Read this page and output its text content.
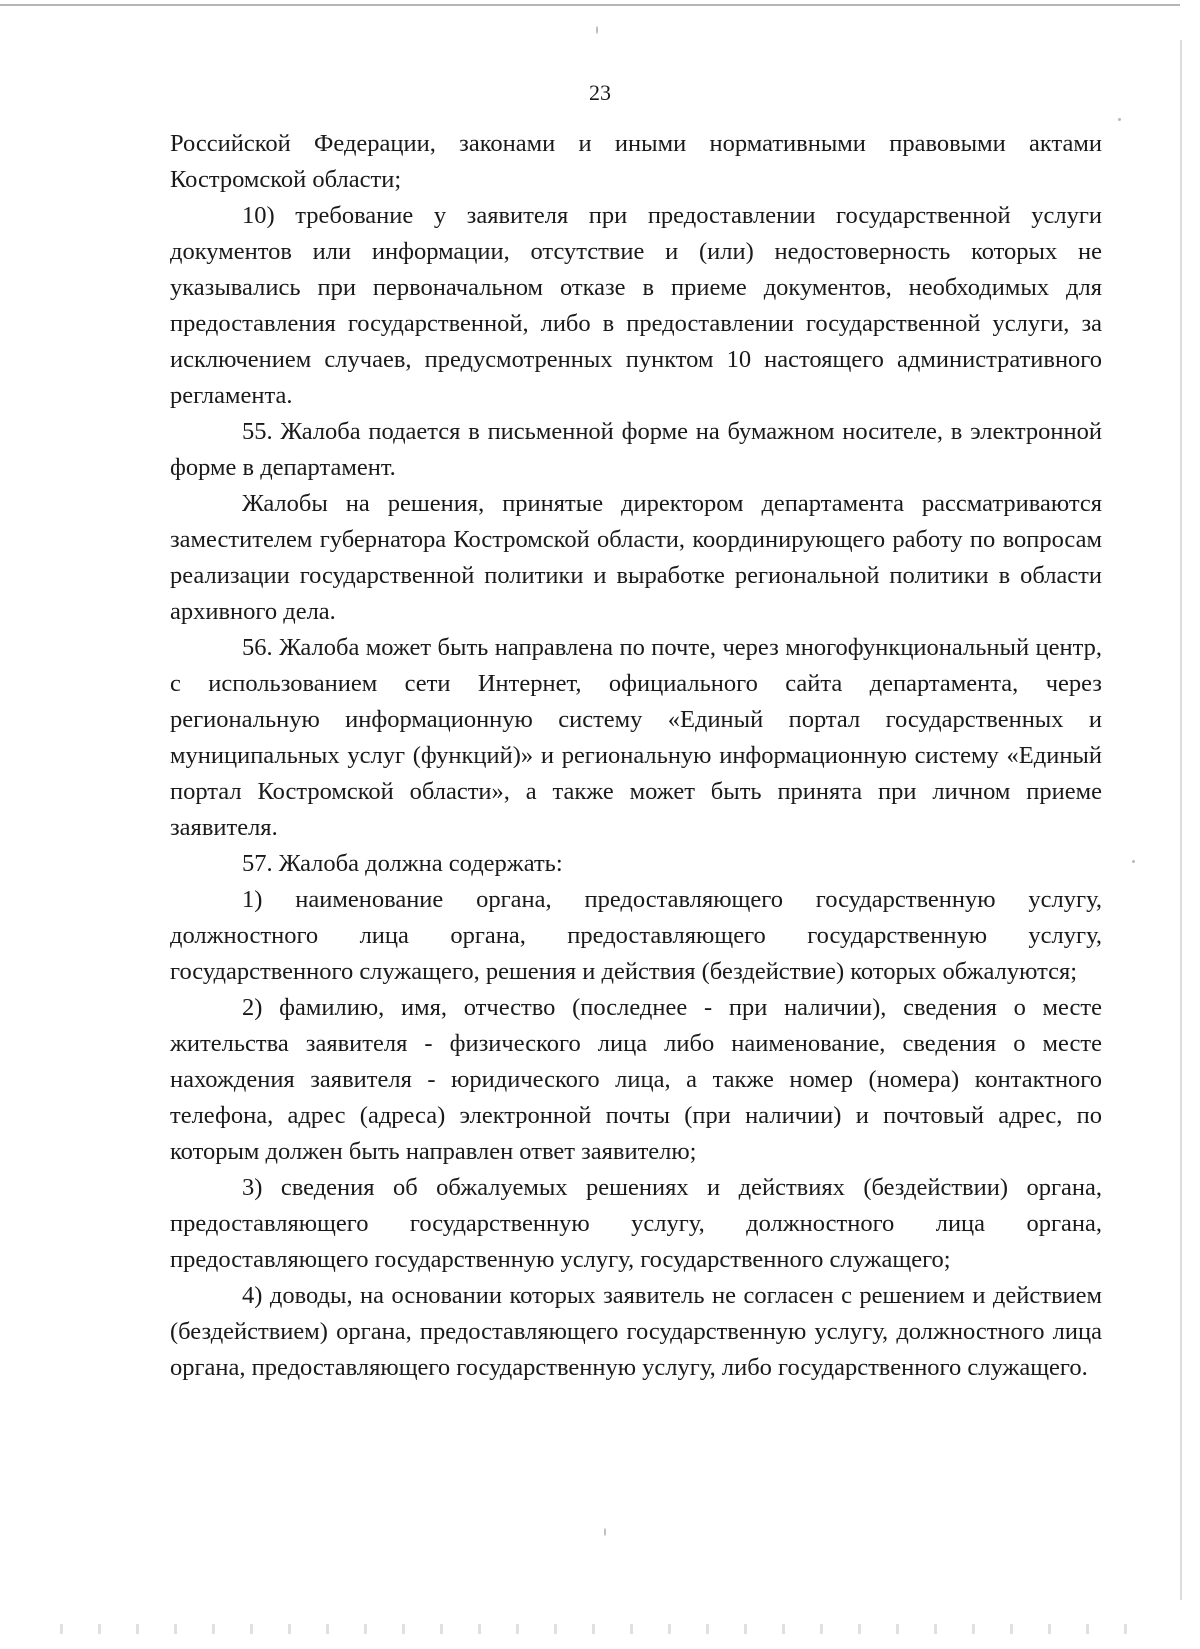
23

Российской Федерации, законами и иными нормативными правовыми актами Костромской области;

10) требование у заявителя при предоставлении государственной услуги документов или информации, отсутствие и (или) недостоверность которых не указывались при первоначальном отказе в приеме документов, необходимых для предоставления государственной, либо в предоставлении государственной услуги, за исключением случаев, предусмотренных пунктом 10 настоящего административного регламента.

55. Жалоба подается в письменной форме на бумажном носителе, в электронной форме в департамент.

Жалобы на решения, принятые директором департамента рассматриваются заместителем губернатора Костромской области, координирующего работу по вопросам реализации государственной политики и выработке региональной политики в области архивного дела.

56. Жалоба может быть направлена по почте, через многофункциональный центр, с использованием сети Интернет, официального сайта департамента, через региональную информационную систему «Единый портал государственных и муниципальных услуг (функций)» и региональную информационную систему «Единый портал Костромской области», а также может быть принята при личном приеме заявителя.

57. Жалоба должна содержать:

1) наименование органа, предоставляющего государственную услугу, должностного лица органа, предоставляющего государственную услугу, государственного служащего, решения и действия (бездействие) которых обжалуются;

2) фамилию, имя, отчество (последнее - при наличии), сведения о месте жительства заявителя - физического лица либо наименование, сведения о месте нахождения заявителя - юридического лица, а также номер (номера) контактного телефона, адрес (адреса) электронной почты (при наличии) и почтовый адрес, по которым должен быть направлен ответ заявителю;

3) сведения об обжалуемых решениях и действиях (бездействии) органа, предоставляющего государственную услугу, должностного лица органа, предоставляющего государственную услугу, государственного служащего;

4) доводы, на основании которых заявитель не согласен с решением и действием (бездействием) органа, предоставляющего государственную услугу, должностного лица органа, предоставляющего государственную услугу, либо государственного служащего.
